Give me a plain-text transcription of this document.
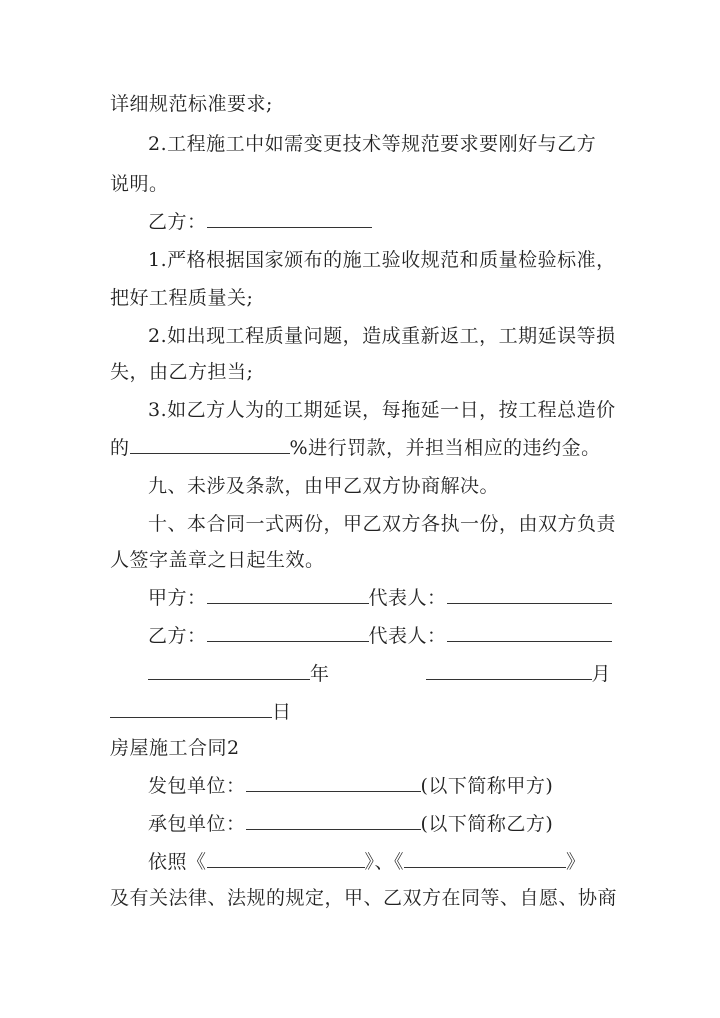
详细规范标准要求;
2.工程施工中如需变更技术等规范要求要刚好与乙方
说明。
乙方：
1.严格根据国家颁布的施工验收规范和质量检验标准，
把好工程质量关;
2.如出现工程质量问题，造成重新返工，工期延误等损
失，由乙方担当;
3.如乙方人为的工期延误，每拖延一日，按工程总造价
的	%进行罚款，并担当相应的违约金。
九、未涉及条款，由甲乙双方协商解决。
十、本合同一式两份，甲乙双方各执一份，由双方负责
人签字盖章之日起生效。
甲方：	代表人：
乙方：	代表人：
年	月
日
房屋施工合同2
发包单位：	(以下简称甲方)
承包单位：	(以下简称乙方)
依照《	》、《	》
及有关法律、法规的规定，甲、乙双方在同等、自愿、协商
